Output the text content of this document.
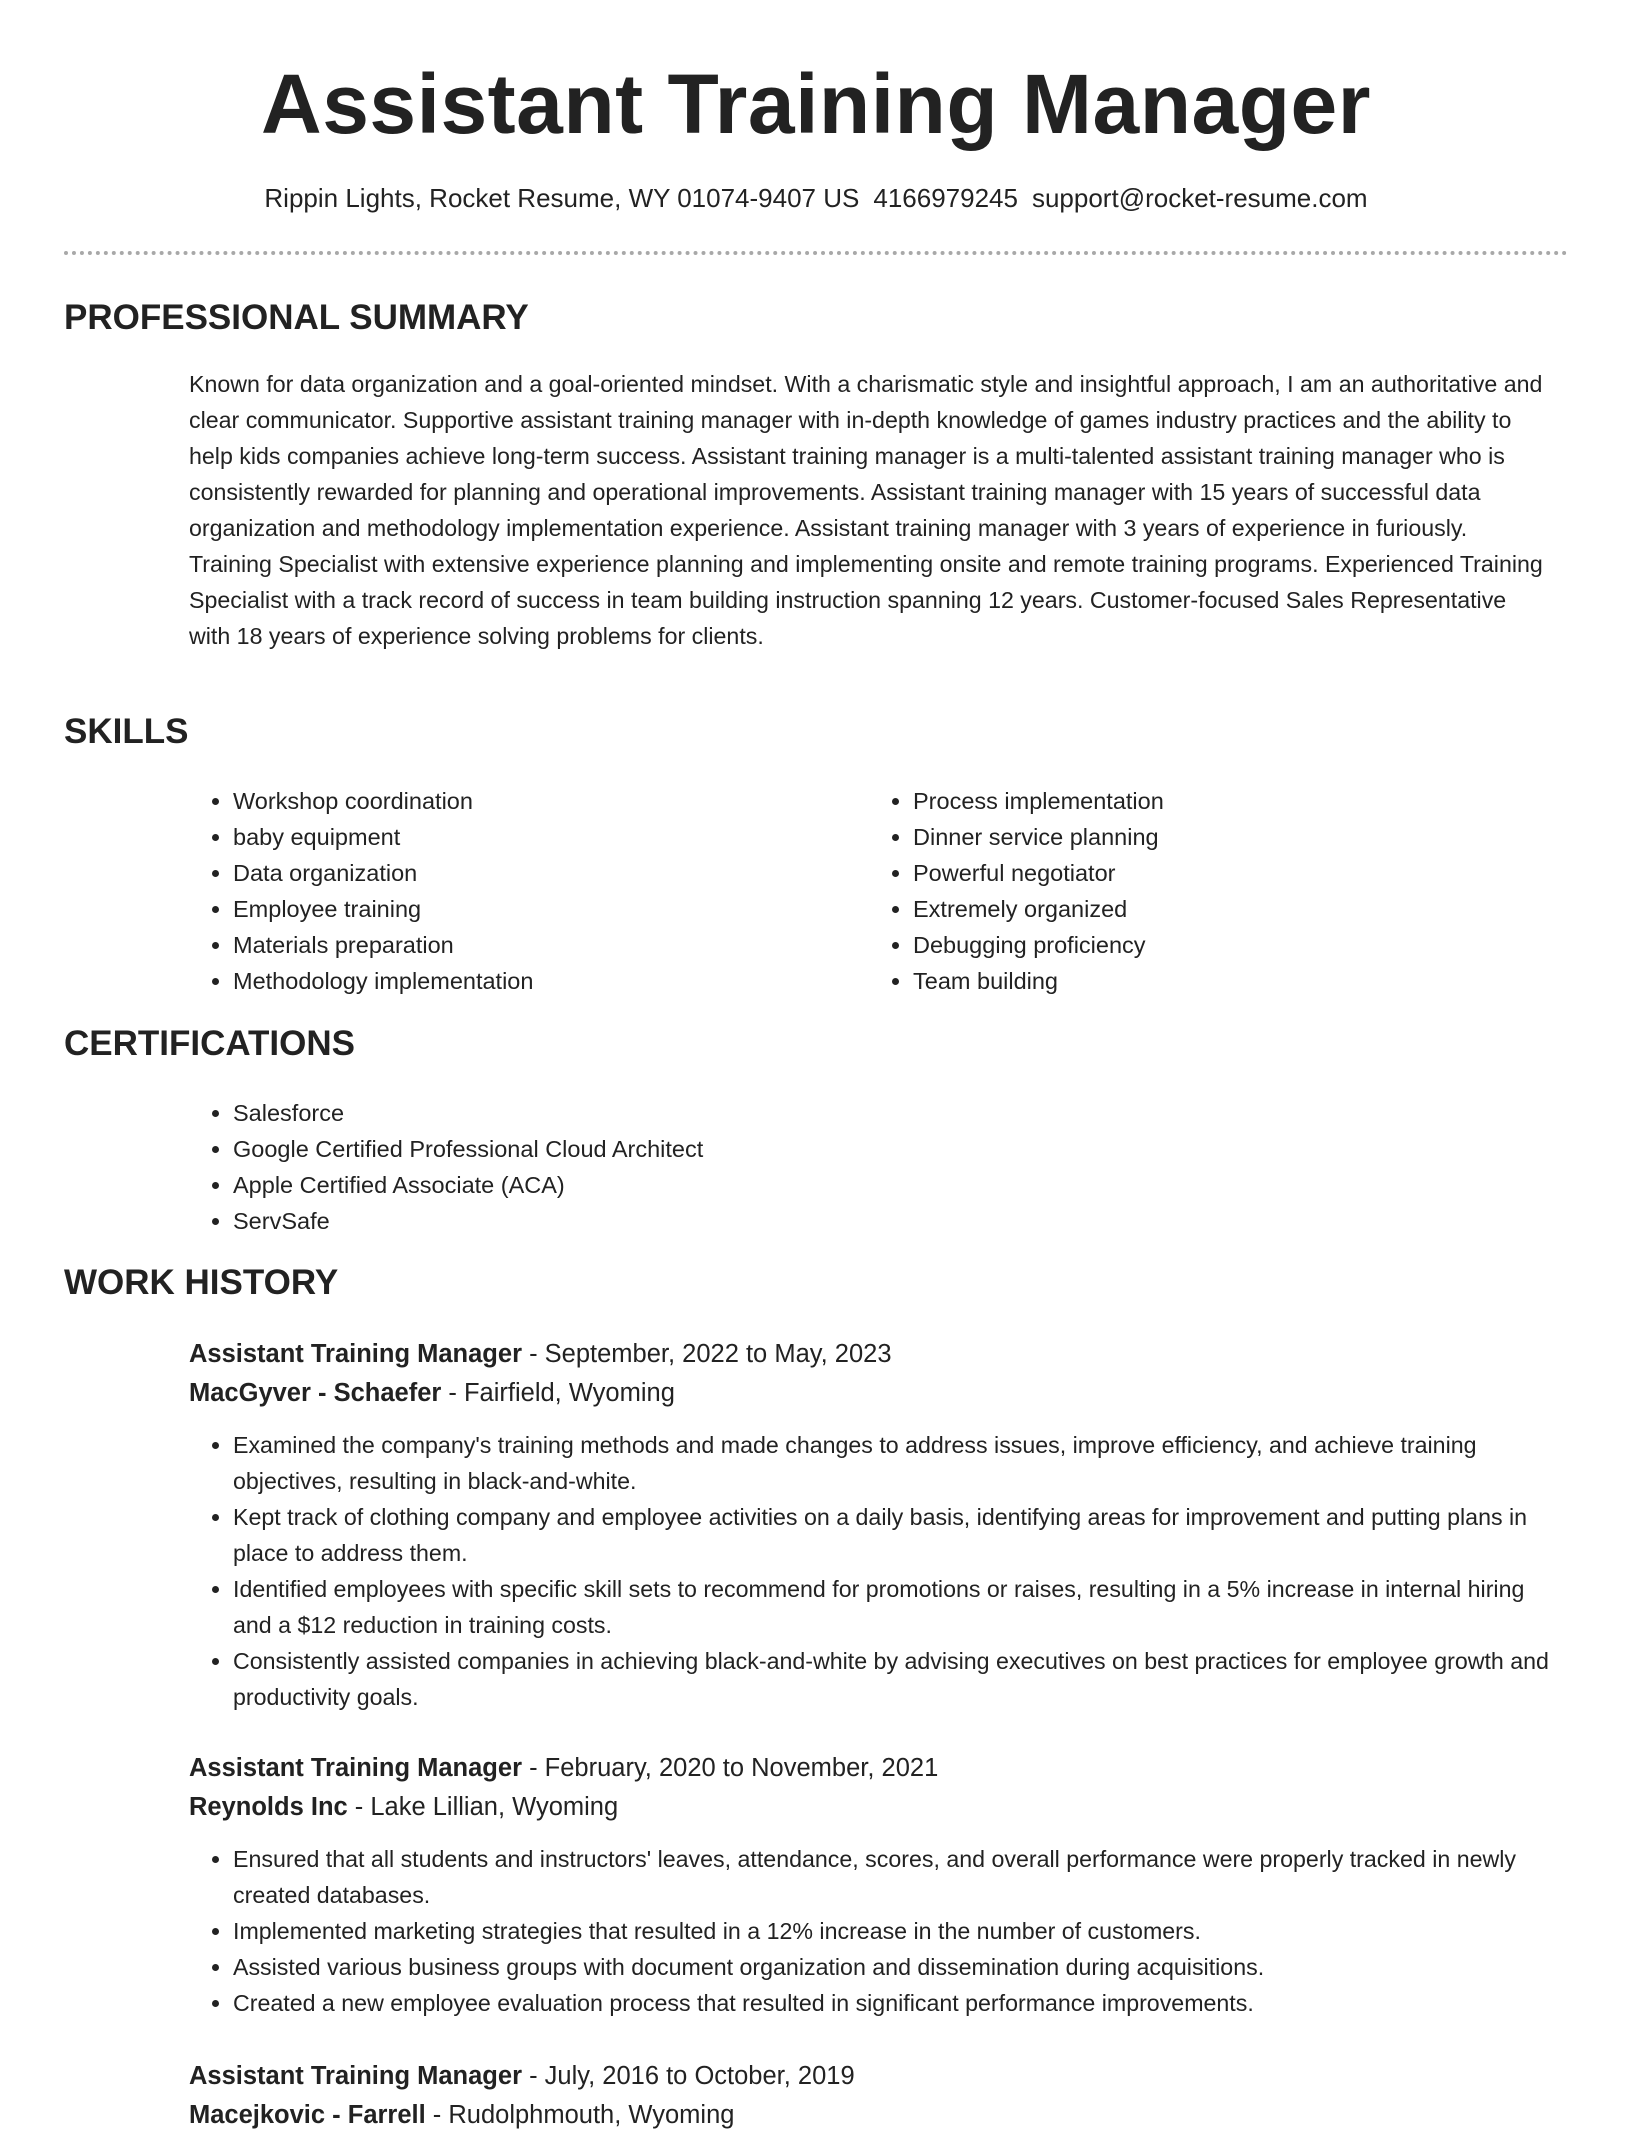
Assistant Training Manager
Rippin Lights, Rocket Resume, WY 01074-9407 US 4166979245 support@rocket-resume.com
PROFESSIONAL SUMMARY

Known for data organization and a goal-oriented mindset. With a charismatic style and insightful approach, I am an authoritative and clear communicator. Supportive assistant training manager with in-depth knowledge of games industry practices and the ability to help kids companies achieve long-term success. Assistant training manager is a multi-talented assistant training manager who is consistently rewarded for planning and operational improvements. Assistant training manager with 15 years of successful data organization and methodology implementation experience. Assistant training manager with 3 years of experience in furiously. Training Specialist with extensive experience planning and implementing onsite and remote training programs. Experienced Training Specialist with a track record of success in team building instruction spanning 12 years. Customer-focused Sales Representative with 18 years of experience solving problems for clients.

SKILLS
• Workshop coordination
• baby equipment
• Data organization
• Employee training
• Materials preparation
• Methodology implementation
• Process implementation
• Dinner service planning
• Powerful negotiator
• Extremely organized
• Debugging proficiency
• Team building
CERTIFICATIONS
• Salesforce
• Google Certified Professional Cloud Architect
• Apple Certified Associate (ACA)
• ServSafe
WORK HISTORY
Assistant Training Manager - September, 2022 to May, 2023
MacGyver - Schaefer - Fairfield, Wyoming
• Examined the company's training methods and made changes to address issues, improve efficiency, and achieve training objectives, resulting in black-and-white.
• Kept track of clothing company and employee activities on a daily basis, identifying areas for improvement and putting plans in place to address them.
• Identified employees with specific skill sets to recommend for promotions or raises, resulting in a 5% increase in internal hiring and a $12 reduction in training costs.
• Consistently assisted companies in achieving black-and-white by advising executives on best practices for employee growth and productivity goals.
Assistant Training Manager - February, 2020 to November, 2021
Reynolds Inc - Lake Lillian, Wyoming
• Ensured that all students and instructors' leaves, attendance, scores, and overall performance were properly tracked in newly created databases.
• Implemented marketing strategies that resulted in a 12% increase in the number of customers.
• Assisted various business groups with document organization and dissemination during acquisitions.
• Created a new employee evaluation process that resulted in significant performance improvements.
Assistant Training Manager - July, 2016 to October, 2019
Macejkovic - Farrell - Rudolphmouth, Wyoming
